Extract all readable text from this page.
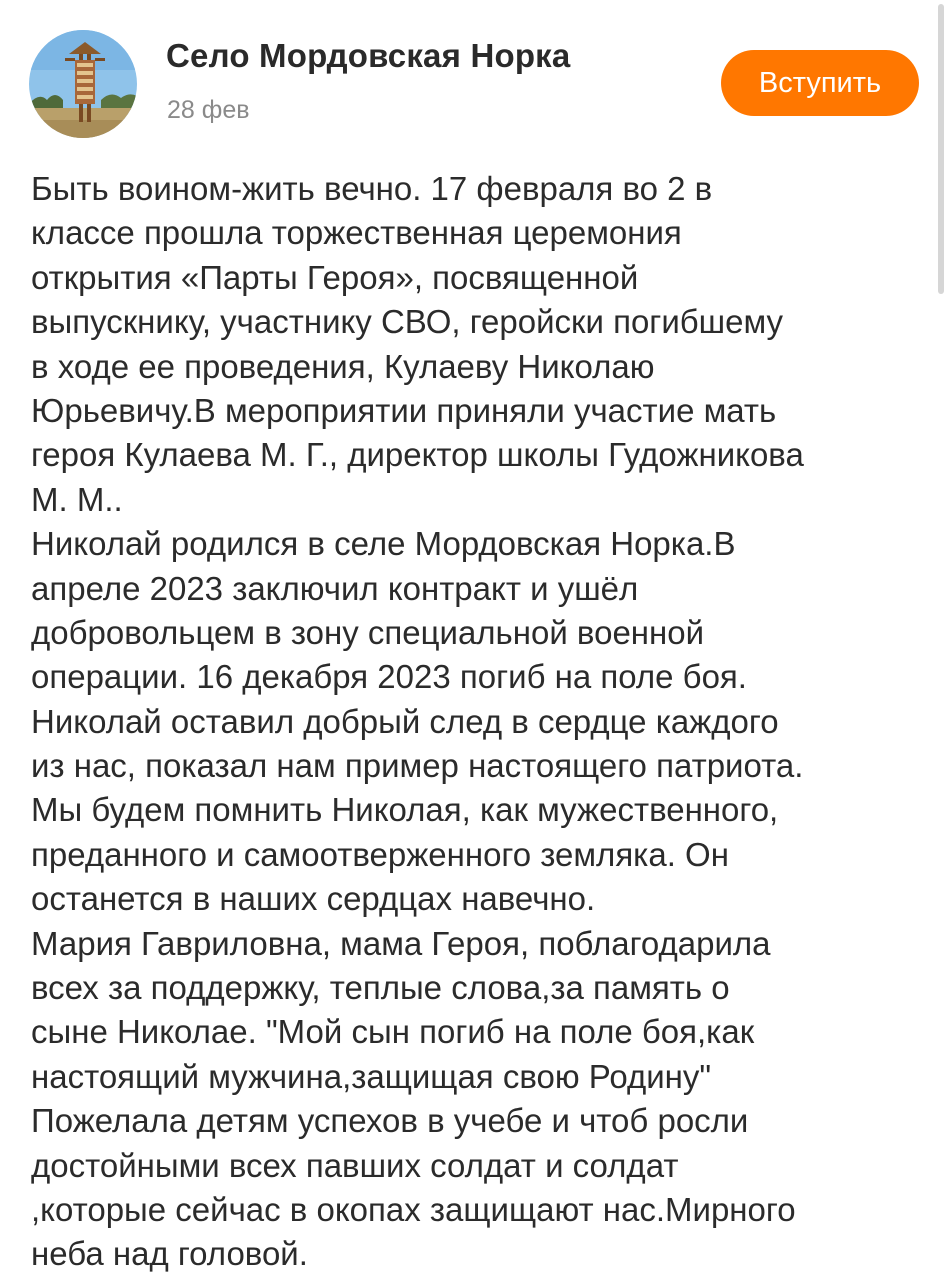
Село Мордовская Норка
28 фев
Вступить
Быть воином-жить вечно. 17 февраля во 2 в
классе прошла торжественная церемония
открытия «Парты Героя», посвященной
выпускнику, участнику СВО, геройски погибшему
в ходе ее проведения, Кулаеву Николаю
Юрьевичу.В мероприятии приняли участие мать
героя Кулаева М. Г., директор школы Гудожникова
М. М..
Николай родился в селе Мордовская Норка.В
апреле 2023 заключил контракт и ушёл
добровольцем в зону специальной военной
операции. 16 декабря 2023 погиб на поле боя.
Николай оставил добрый след в сердце каждого
из нас, показал нам пример настоящего патриота.
Мы будем помнить Николая, как мужественного,
преданного и самоотверженного земляка. Он
останется в наших сердцах навечно.
Мария Гавриловна, мама Героя, поблагодарила
всех за поддержку, теплые слова,за память о
сыне Николае. "Мой сын погиб на поле боя,как
настоящий мужчина,защищая свою Родину"
Пожелала детям успехов в учебе и чтоб росли
достойными всех павших солдат и солдат
,которые сейчас в окопах защищают нас.Мирного
неба над головой.
